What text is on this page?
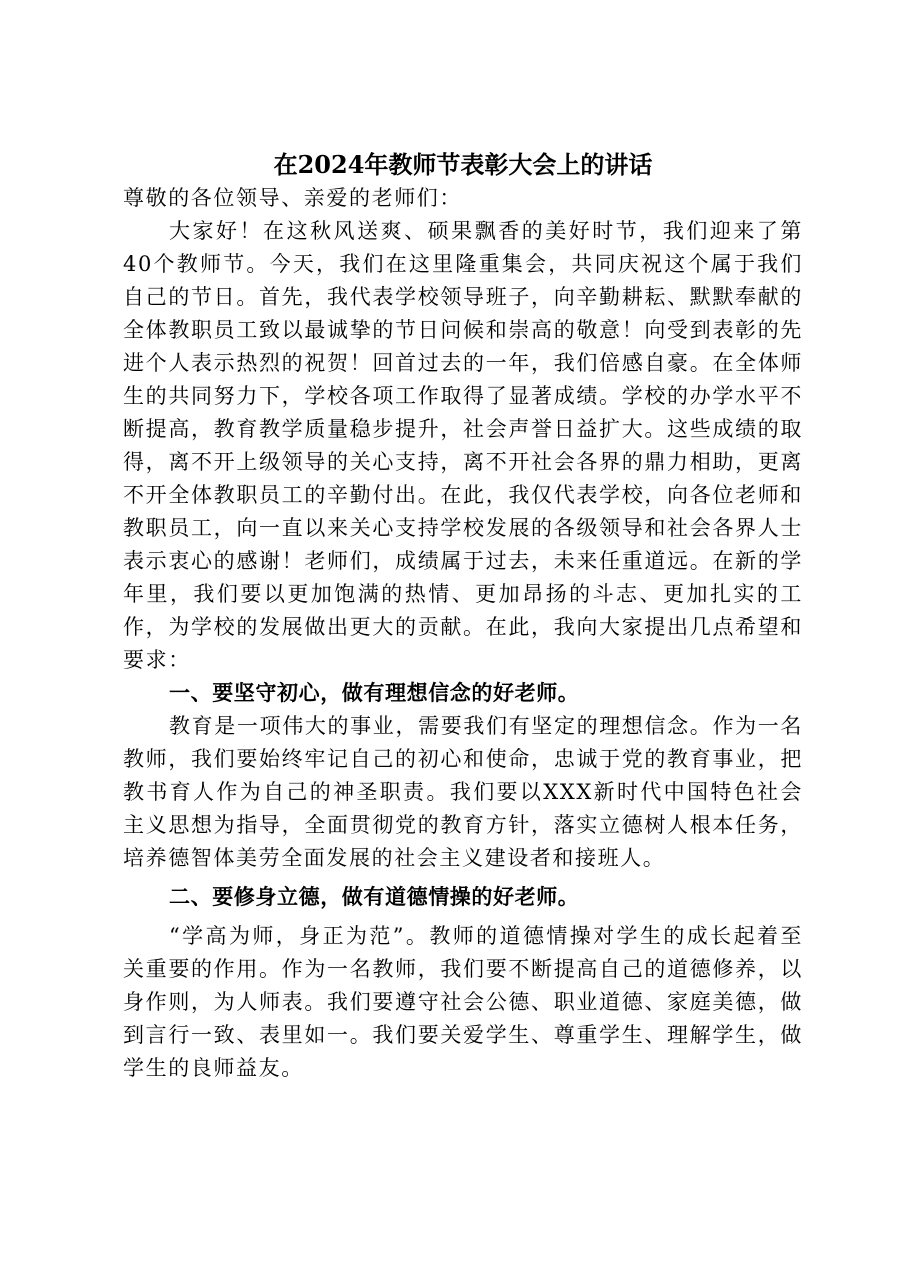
在2024年教师节表彰大会上的讲话

尊敬的各位领导、亲爱的老师们：

大家好！在这秋风送爽、硕果飘香的美好时节，我们迎来了第40个教师节。今天，我们在这里隆重集会，共同庆祝这个属于我们自己的节日。首先，我代表学校领导班子，向辛勤耕耘、默默奉献的全体教职员工致以最诚挚的节日问候和崇高的敬意！向受到表彰的先进个人表示热烈的祝贺！回首过去的一年，我们倍感自豪。在全体师生的共同努力下，学校各项工作取得了显著成绩。学校的办学水平不断提高，教育教学质量稳步提升，社会声誉日益扩大。这些成绩的取得，离不开上级领导的关心支持，离不开社会各界的鼎力相助，更离不开全体教职员工的辛勤付出。在此，我仅代表学校，向各位老师和教职员工，向一直以来关心支持学校发展的各级领导和社会各界人士表示衷心的感谢！老师们，成绩属于过去，未来任重道远。在新的学年里，我们要以更加饱满的热情、更加昂扬的斗志、更加扎实的工作，为学校的发展做出更大的贡献。在此，我向大家提出几点希望和要求：

一、要坚守初心，做有理想信念的好老师。

教育是一项伟大的事业，需要我们有坚定的理想信念。作为一名教师，我们要始终牢记自己的初心和使命，忠诚于党的教育事业，把教书育人作为自己的神圣职责。我们要以XXX新时代中国特色社会主义思想为指导，全面贯彻党的教育方针，落实立德树人根本任务，培养德智体美劳全面发展的社会主义建设者和接班人。

二、要修身立德，做有道德情操的好老师。

“学高为师，身正为范”。教师的道德情操对学生的成长起着至关重要的作用。作为一名教师，我们要不断提高自己的道德修养，以身作则，为人师表。我们要遵守社会公德、职业道德、家庭美德，做到言行一致、表里如一。我们要关爱学生、尊重学生、理解学生，做学生的良师益友。
